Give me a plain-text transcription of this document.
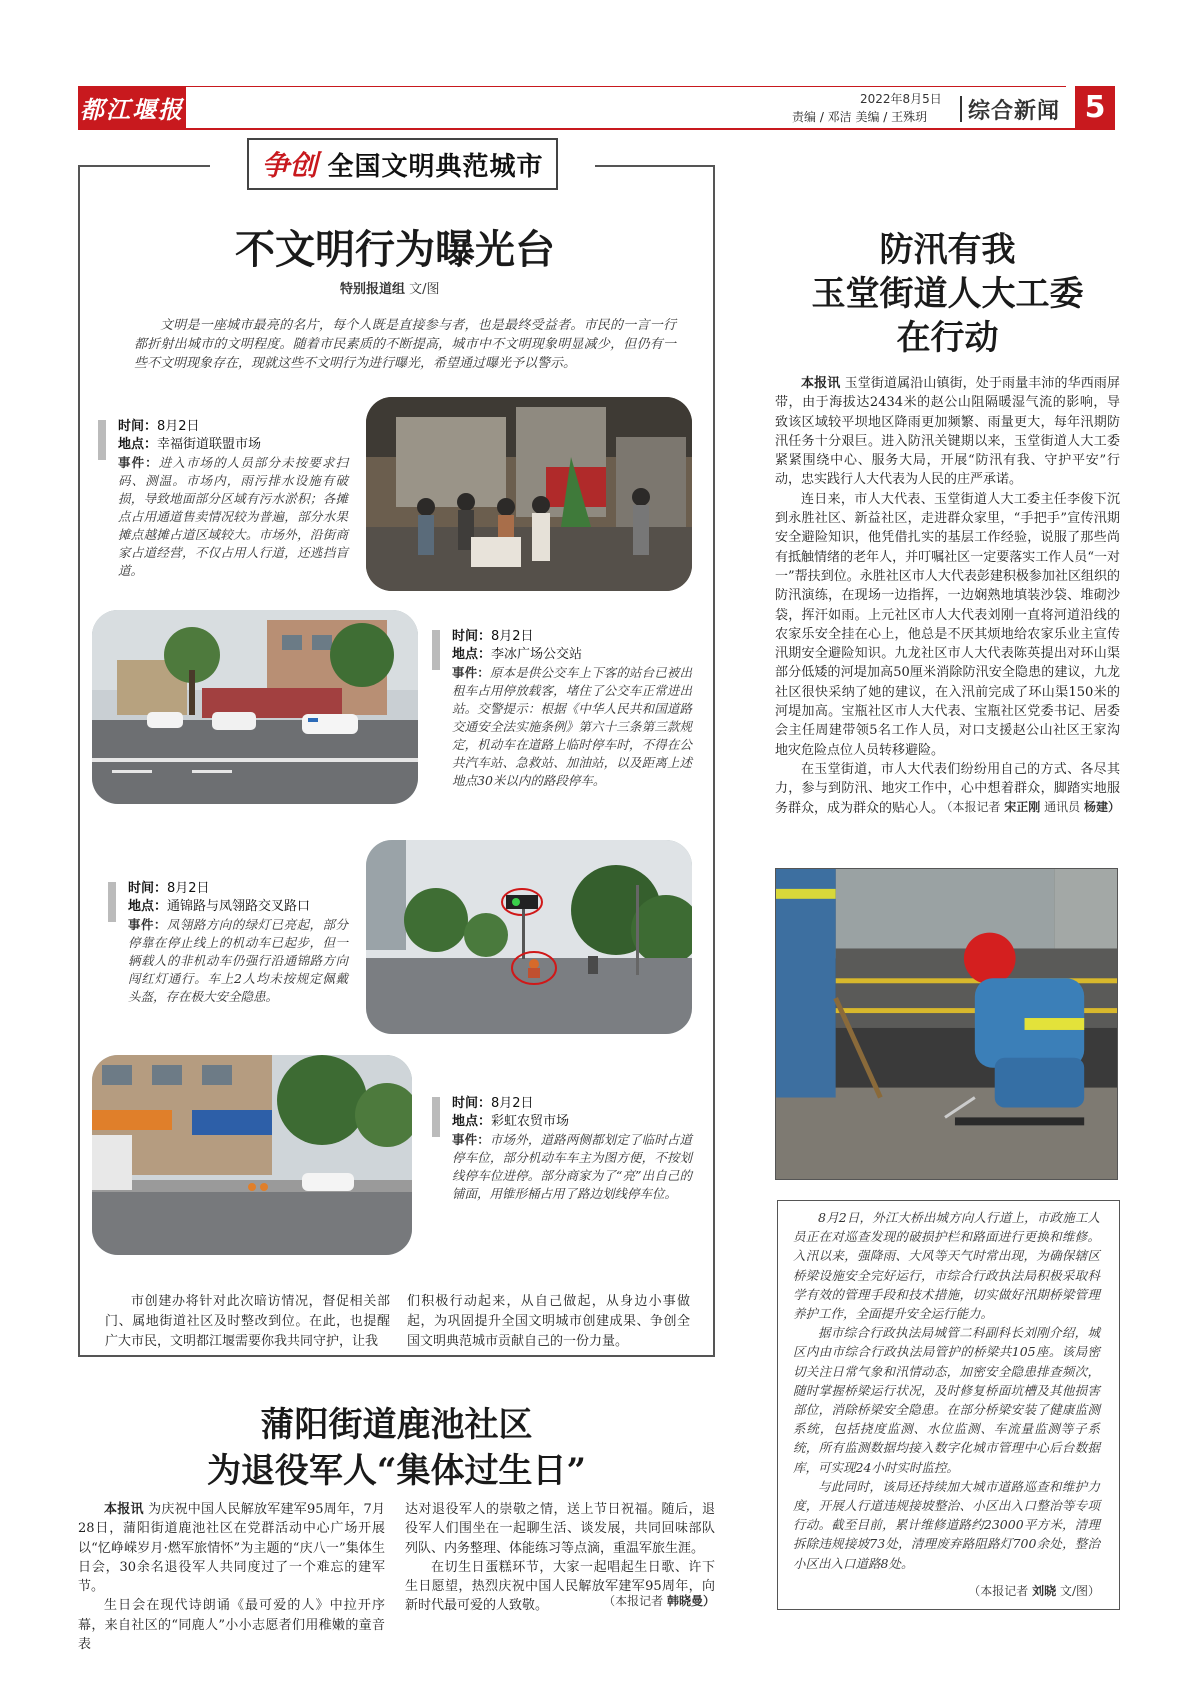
都江堰报	2022年8月5日
责编 / 邓洁 美编 / 王殊玥 综合新闻 5
争创 全国文明典范城市
不文明行为曝光台
特别报道组 文/图
文明是一座城市最亮的名片，每个人既是直接参与者，也是最终受益者。市民的一言一行都折射出城市的文明程度。随着市民素质的不断提高，城市中不文明现象明显减少，但仍有一些不文明现象存在，现就这些不文明行为进行曝光，希望通过曝光予以警示。
时间：8月2日
地点：幸福街道联盟市场
事件：进入市场的人员部分未按要求扫码、测温。市场内，雨污排水设施有破损，导致地面部分区域有污水淤积；各摊点占用通道售卖情况较为普遍，部分水果摊点越摊占道区域较大。市场外，沿街商家占道经营，不仅占用人行道，还逃挡盲道。
时间：8月2日
地点：李冰广场公交站
事件：原本是供公交车上下客的站台已被出租车占用停放载客，堵住了公交车正常进出站。交警提示：根据《中华人民共和国道路交通安全法实施条例》第六十三条第三款规定，机动车在道路上临时停车时，不得在公共汽车站、急救站、加油站，以及距离上述地点30米以内的路段停车。
时间：8月2日
地点：通锦路与凤翎路交叉路口
事件：凤翎路方向的绿灯已亮起，部分停靠在停止线上的机动车已起步，但一辆载人的非机动车仍强行沿通锦路方向闯红灯通行。车上2人均未按规定佩戴头盔，存在极大安全隐患。
时间：8月2日
地点：彩虹农贸市场
事件：市场外，道路两侧都划定了临时占道停车位，部分机动车车主为图方便，不按划线停车位进停。部分商家为了“亮”出自己的铺面，用锥形桶占用了路边划线停车位。
市创建办将针对此次暗访情况，督促相关部门、属地街道社区及时整改到位。在此，也提醒广大市民，文明都江堰需要你我共同守护，让我
们积极行动起来，从自己做起，从身边小事做起，为巩固提升全国文明城市创建成果、争创全国文明典范城市贡献自己的一份力量。
防汛有我
玉堂街道人大工委
在行动

本报讯 玉堂街道属沿山镇街，处于雨量丰沛的华西雨屏带，由于海拔达2434米的赵公山阻隔暖湿气流的影响，导致该区域较平坝地区降雨更加频繁、雨量更大，每年汛期防汛任务十分艰巨。进入防汛关键期以来，玉堂街道人大工委紧紧围绕中心、服务大局，开展“防汛有我、守护平安”行动，忠实践行人大代表为人民的庄严承诺。

连日来，市人大代表、玉堂街道人大工委主任李俊下沉到永胜社区、新益社区，走进群众家里，“手把手”宣传汛期安全避险知识，他凭借扎实的基层工作经验，说服了那些尚有抵触情绪的老年人，并叮嘱社区一定要落实工作人员“一对一”帮扶到位。永胜社区市人大代表彭建积极参加社区组织的防汛演练，在现场一边指挥，一边娴熟地填装沙袋、堆砌沙袋，挥汗如雨。上元社区市人大代表刘刚一直将河道沿线的农家乐安全挂在心上，他总是不厌其烦地给农家乐业主宣传汛期安全避险知识。九龙社区市人大代表陈英提出对环山渠部分低矮的河堤加高50厘米消除防汛安全隐患的建议，九龙社区很快采纳了她的建议，在入汛前完成了环山渠150米的河堤加高。宝瓶社区市人大代表、宝瓶社区党委书记、居委会主任周建带领5名工作人员，对口支援赵公山社区王家沟地灾危险点位人员转移避险。

在玉堂街道，市人大代表们纷纷用自己的方式、各尽其力，参与到防汛、地灾工作中，心中想着群众，脚踏实地服务群众，成为群众的贴心人。

（本报记者 宋正刚 通讯员 杨建）

8月2日，外江大桥出城方向人行道上，市政施工人员正在对巡查发现的破损护栏和路面进行更换和维修。入汛以来，强降雨、大风等天气时常出现，为确保辖区桥梁设施安全完好运行，市综合行政执法局积极采取科学有效的管理手段和技术措施，切实做好汛期桥梁管理养护工作，全面提升安全运行能力。

据市综合行政执法局城管二科副科长刘刚介绍，城区内由市综合行政执法局管护的桥梁共105座。该局密切关注日常气象和汛情动态，加密安全隐患排查频次，随时掌握桥梁运行状况，及时修复桥面坑槽及其他损害部位，消除桥梁安全隐患。在部分桥梁安装了健康监测系统，包括挠度监测、水位监测、车流量监测等子系统，所有监测数据均接入数字化城市管理中心后台数据库，可实现24小时实时监控。

与此同时，该局还持续加大城市道路巡查和维护力度，开展人行道违规接坡整治、小区出入口整治等专项行动。截至目前，累计维修道路约23000平方米，清理拆除违规接坡73处，清理废弃路阻路灯700余处，整治小区出入口道路8处。

（本报记者 刘晓 文/图）
蒲阳街道鹿池社区
为退役军人“集体过生日”

本报讯 为庆祝中国人民解放军建军95周年，7月28日，蒲阳街道鹿池社区在党群活动中心广场开展以“忆峥嵘岁月·燃军旅情怀”为主题的“庆八一”集体生日会，30余名退役军人共同度过了一个难忘的建军节。

生日会在现代诗朗诵《最可爱的人》中拉开序幕，来自社区的“同鹿人”小小志愿者们用稚嫩的童音表

达对退役军人的崇敬之情，送上节日祝福。随后，退役军人们围坐在一起聊生活、谈发展，共同回味部队列队、内务整理、体能练习等点滴，重温军旅生涯。

在切生日蛋糕环节，大家一起唱起生日歌、许下生日愿望，热烈庆祝中国人民解放军建军95周年，向新时代最可爱的人致敬。	（本报记者 韩晓曼）
